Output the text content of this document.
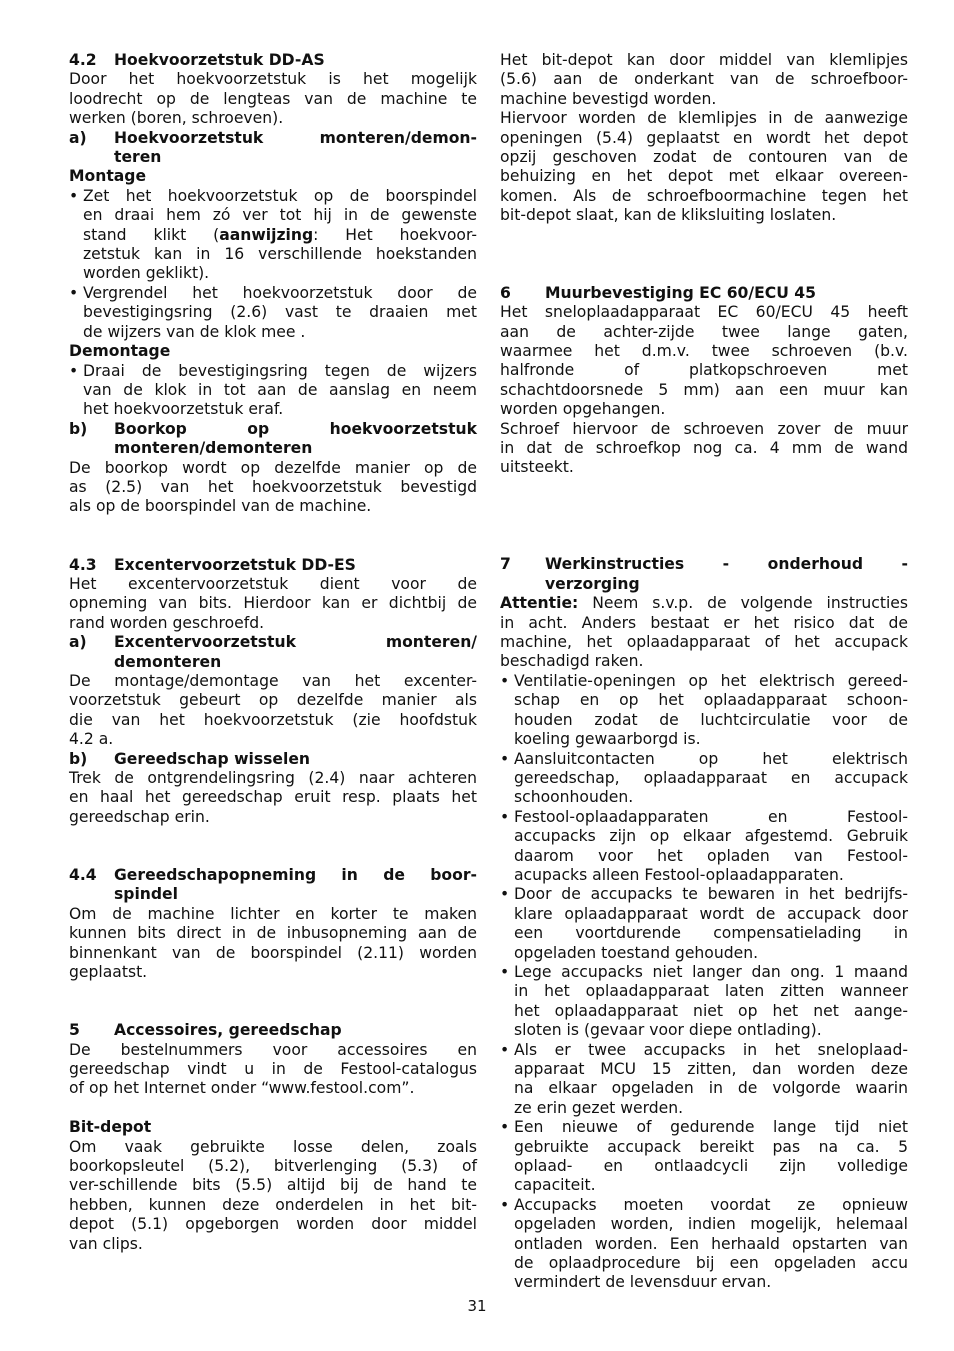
4.2	Hoekvoorzetstuk DD-AS

Door het hoekvoorzetstuk is het mogelijk

loodrecht op de lengteas van de machine te

werken (boren, schroeven).

a)	Hoekvoorzetstuk monteren/demon-

teren

Montage
• Zet het hoekvoorzetstuk op de boorspindel

en draai hem zó ver tot hij in de gewenste

stand klikt (aanwijzing: Het hoekvoor-

zetstuk kan in 16 verschillende hoekstanden

worden geklikt).

• Vergrendel het hoekvoorzetstuk door de

bevestigingsring (2.6) vast te draaien met

de wijzers van de klok mee .

Demontage
• Draai de bevestigingsring tegen de wijzers

van de klok in tot aan de aanslag en neem

het hoekvoorzetstuk eraf.

b)	Boorkop op hoekvoorzetstuk

monteren/demonteren

De boorkop wordt op dezelfde manier op de

as (2.5) van het hoekvoorzetstuk bevestigd

als op de boorspindel van de machine.

4.3	Excentervoorzetstuk DD-ES

Het excentervoorzetstuk dient voor de

opneming van bits. Hierdoor kan er dichtbij de

rand worden geschroefd.

a)	Excentervoorzetstuk monteren/

demonteren

De montage/demontage van het excenter-

voorzetstuk gebeurt op dezelfde manier als

die van het hoekvoorzetstuk (zie hoofdstuk

4.2 a.

b)	Gereedschap wisselen

Trek de ontgrendelingsring (2.4) naar achteren

en haal het gereedschap eruit resp. plaats het

gereedschap erin.

4.4	Gereedschapopneming in de boor-

spindel

Om de machine lichter en korter te maken

kunnen bits direct in de inbusopneming aan de

binnenkant van de boorspindel (2.11) worden

geplaatst.

5	Accessoires, gereedschap

De bestelnummers voor accessoires en

gereedschap vindt u in de Festool-catalogus

of op het Internet onder “www.festool.com”.

Bit-depot

Om vaak gebruikte losse delen, zoals

boorkopsleutel (5.2), bitverlenging (5.3) of

ver-schillende bits (5.5) altijd bij de hand te

hebben, kunnen deze onderdelen in het bit-

depot (5.1) opgeborgen worden door middel

van clips.

Het bit-depot kan door middel van klemlipjes

(5.6) aan de onderkant van de schroefboor-

machine bevestigd worden.

Hiervoor worden de klemlipjes in de aanwezige

openingen (5.4) geplaatst en wordt het depot

opzij geschoven zodat de contouren van de

behuizing en het depot met elkaar overeen-

komen. Als de schroefboormachine tegen het

bit-depot slaat, kan de kliksluiting loslaten.

6	Muurbevestiging EC 60/ECU 45

Het sneloplaadapparaat EC 60/ECU 45 heeft

aan de achter-zijde twee lange gaten,

waarmee het d.m.v. twee schroeven (b.v.

halfronde of platkopschroeven met

schachtdoorsnede 5 mm) aan een muur kan

worden opgehangen.

Schroef hiervoor de schroeven zover de muur

in dat de schroefkop nog ca. 4 mm de wand

uitsteekt.

7	Werkinstructies - onderhoud -

verzorging

Attentie: Neem s.v.p. de volgende instructies

in acht. Anders bestaat er het risico dat de

machine, het oplaadapparaat of het accupack

beschadigd raken.

• Ventilatie-openingen op het elektrisch gereed-

schap en op het oplaadapparaat schoon-

houden zodat de luchtcirculatie voor de

koeling gewaarborgd is.

• Aansluitcontacten op het elektrisch

gereedschap, oplaadapparaat en accupack

schoonhouden.

• Festool-oplaadapparaten en Festool-

accupacks zijn op elkaar afgestemd. Gebruik

daarom voor het opladen van Festool-

acupacks alleen Festool-oplaadapparaten.

• Door de accupacks te bewaren in het bedrijfs-

klare oplaadapparaat wordt de accupack door

een voortdurende compensatielading in

opgeladen toestand gehouden.

• Lege accupacks niet langer dan ong. 1 maand

in het oplaadapparaat laten zitten wanneer

het oplaadapparaat niet op het net aange-

sloten is (gevaar voor diepe ontlading).

• Als er twee accupacks in het sneloplaad-

apparaat MCU 15 zitten, dan worden deze

na elkaar opgeladen in de volgorde waarin

ze erin gezet werden.

• Een nieuwe of gedurende lange tijd niet

gebruikte accupack bereikt pas na ca. 5

oplaad- en ontlaadcycli zijn volledige

capaciteit.

• Accupacks moeten voordat ze opnieuw

opgeladen worden, indien mogelijk, helemaal

ontladen worden. Een herhaald opstarten van

de oplaadprocedure bij een opgeladen accu

vermindert de levensduur ervan.

31
